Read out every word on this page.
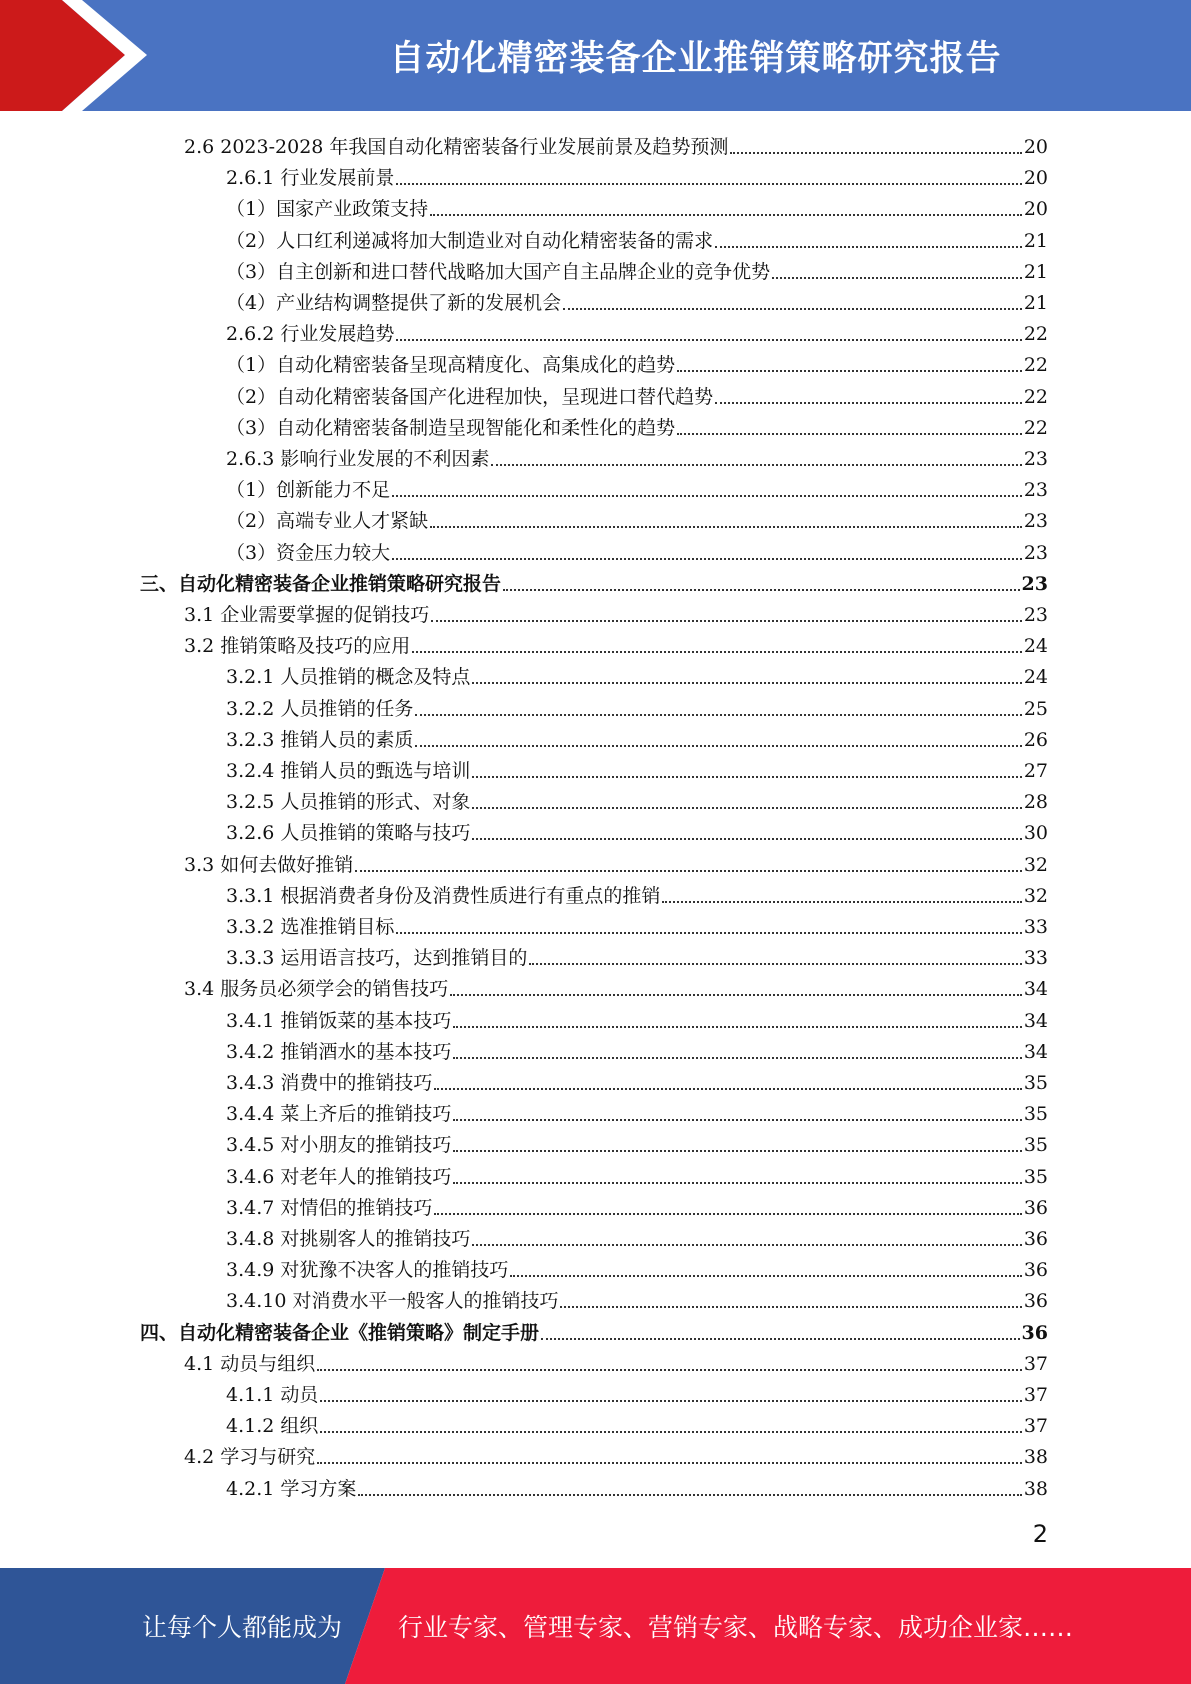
自动化精密装备企业推销策略研究报告
2.6 2023-2028 年我国自动化精密装备行业发展前景及趋势预测	20
2.6.1 行业发展前景	20
（1）国家产业政策支持	20
（2）人口红利递减将加大制造业对自动化精密装备的需求	21
（3）自主创新和进口替代战略加大国产自主品牌企业的竞争优势	21
（4）产业结构调整提供了新的发展机会	21
2.6.2 行业发展趋势	22
（1）自动化精密装备呈现高精度化、高集成化的趋势	22
（2）自动化精密装备国产化进程加快，呈现进口替代趋势	22
（3）自动化精密装备制造呈现智能化和柔性化的趋势	22
2.6.3 影响行业发展的不利因素	23
（1）创新能力不足	23
（2）高端专业人才紧缺	23
（3）资金压力较大	23
三、自动化精密装备企业推销策略研究报告	23
3.1 企业需要掌握的促销技巧	23
3.2 推销策略及技巧的应用	24
3.2.1 人员推销的概念及特点	24
3.2.2 人员推销的任务	25
3.2.3 推销人员的素质	26
3.2.4 推销人员的甄选与培训	27
3.2.5 人员推销的形式、对象	28
3.2.6 人员推销的策略与技巧	30
3.3 如何去做好推销	32
3.3.1 根据消费者身份及消费性质进行有重点的推销	32
3.3.2 选准推销目标	33
3.3.3 运用语言技巧，达到推销目的	33
3.4 服务员必须学会的销售技巧	34
3.4.1 推销饭菜的基本技巧	34
3.4.2 推销酒水的基本技巧	34
3.4.3 消费中的推销技巧	35
3.4.4 菜上齐后的推销技巧	35
3.4.5 对小朋友的推销技巧	35
3.4.6 对老年人的推销技巧	35
3.4.7 对情侣的推销技巧	36
3.4.8 对挑剔客人的推销技巧	36
3.4.9 对犹豫不决客人的推销技巧	36
3.4.10 对消费水平一般客人的推销技巧	36
四、自动化精密装备企业《推销策略》制定手册	36
4.1 动员与组织	37
4.1.1 动员	37
4.1.2 组织	37
4.2 学习与研究	38
4.2.1 学习方案	38
2
让每个人都能成为 行业专家、管理专家、营销专家、战略专家、成功企业家……
